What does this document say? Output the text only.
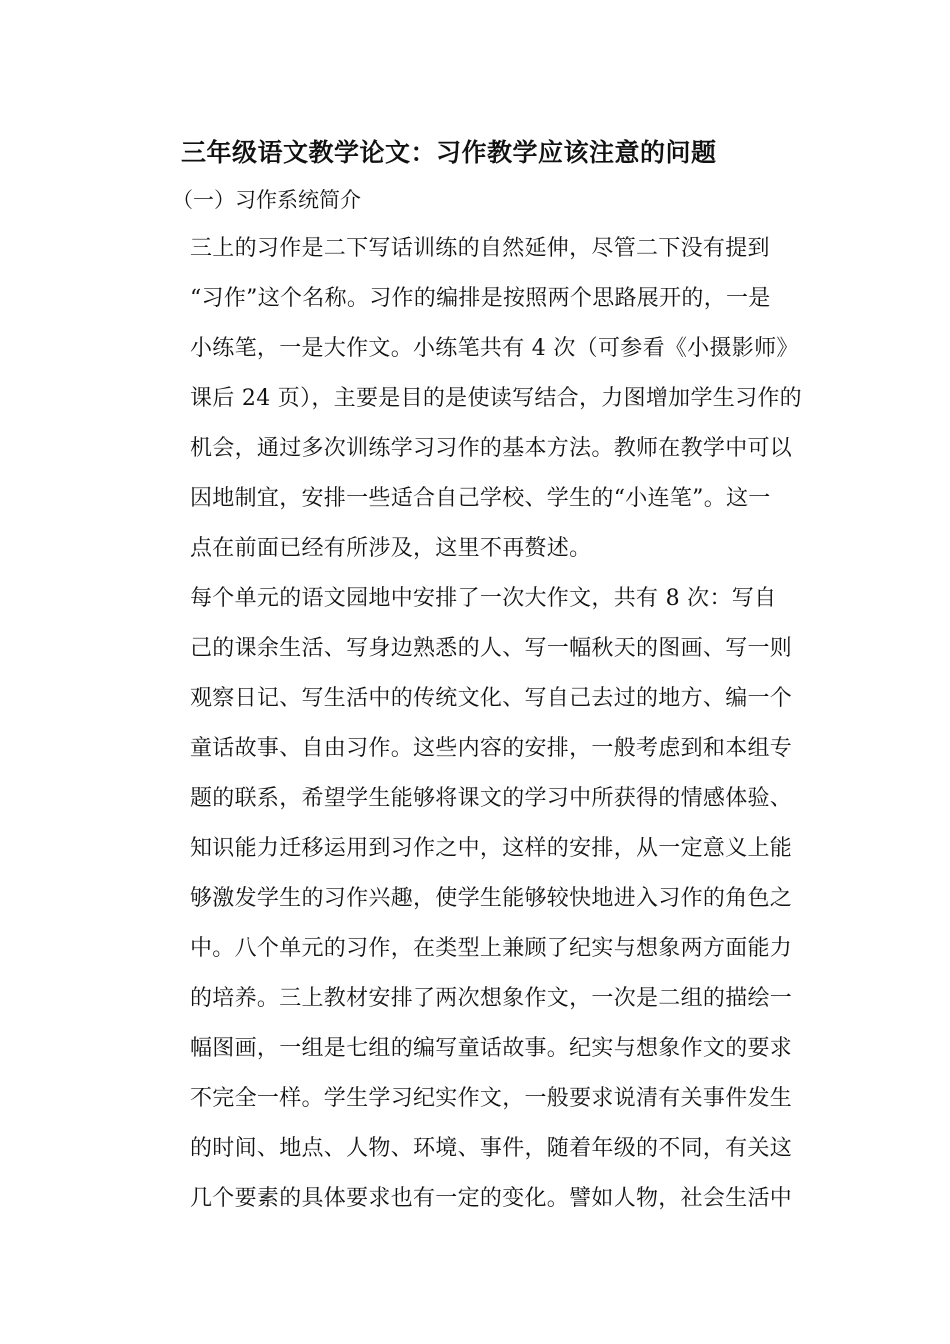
三年级语文教学论文：习作教学应该注意的问题
（一）习作系统简介
三上的习作是二下写话训练的自然延伸，尽管二下没有提到
“习作”这个名称。习作的编排是按照两个思路展开的，一是
小练笔，一是大作文。小练笔共有 4 次（可参看《小摄影师》
课后 24 页），主要是目的是使读写结合，力图增加学生习作的
机会，通过多次训练学习习作的基本方法。教师在教学中可以
因地制宜，安排一些适合自己学校、学生的“小连笔”。这一
点在前面已经有所涉及，这里不再赘述。
每个单元的语文园地中安排了一次大作文，共有 8 次：写自
己的课余生活、写身边熟悉的人、写一幅秋天的图画、写一则
观察日记、写生活中的传统文化、写自己去过的地方、编一个
童话故事、自由习作。这些内容的安排，一般考虑到和本组专
题的联系，希望学生能够将课文的学习中所获得的情感体验、
知识能力迁移运用到习作之中，这样的安排，从一定意义上能
够激发学生的习作兴趣，使学生能够较快地进入习作的角色之
中。八个单元的习作，在类型上兼顾了纪实与想象两方面能力
的培养。三上教材安排了两次想象作文，一次是二组的描绘一
幅图画，一组是七组的编写童话故事。纪实与想象作文的要求
不完全一样。学生学习纪实作文，一般要求说清有关事件发生
的时间、地点、人物、环境、事件，随着年级的不同，有关这
几个要素的具体要求也有一定的变化。譬如人物，社会生活中
